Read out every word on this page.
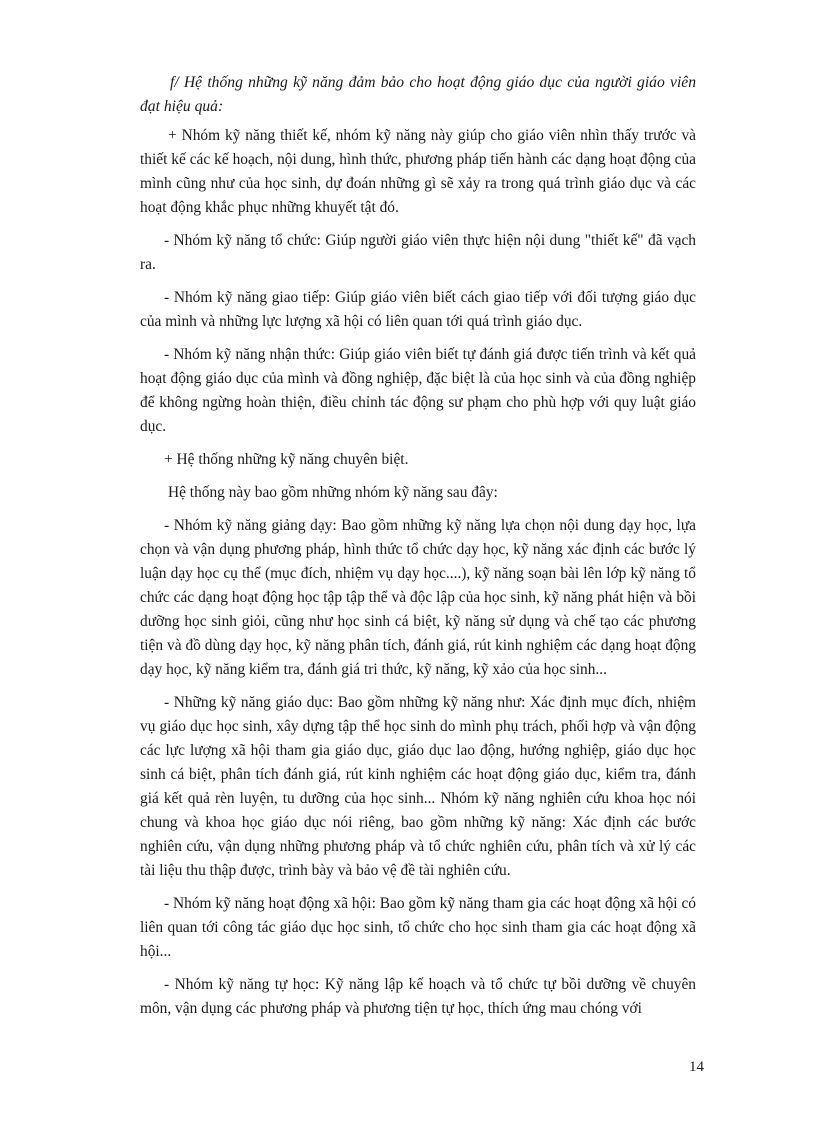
f/ Hệ thống những kỹ năng đảm bảo cho hoạt động giáo dục của người giáo viên đạt hiệu quả:

+ Nhóm kỹ năng thiết kế, nhóm kỹ năng này giúp cho giáo viên nhìn thấy trước và thiết kế các kế hoạch, nội dung, hình thức, phương pháp tiến hành các dạng hoạt động của mình cũng như của học sinh, dự đoán những gì sẽ xảy ra trong quá trình giáo dục và các hoạt động khắc phục những khuyết tật đó.

- Nhóm kỹ năng tổ chức: Giúp người giáo viên thực hiện nội dung "thiết kế" đã vạch ra.

- Nhóm kỹ năng giao tiếp: Giúp giáo viên biết cách giao tiếp với đối tượng giáo dục của mình và những lực lượng xã hội có liên quan tới quá trình giáo dục.

- Nhóm kỹ năng nhận thức: Giúp giáo viên biết tự đánh giá được tiến trình và kết quả hoạt động giáo dục của mình và đồng nghiệp, đặc biệt là của học sinh và của đồng nghiệp để không ngừng hoàn thiện, điều chỉnh tác động sư phạm cho phù hợp với quy luật giáo dục.

+ Hệ thống những kỹ năng chuyên biệt.

Hệ thống này bao gồm những nhóm kỹ năng sau đây:

- Nhóm kỹ năng giảng dạy: Bao gồm những kỹ năng lựa chọn nội dung dạy học, lựa chọn và vận dụng phương pháp, hình thức tổ chức dạy học, kỹ năng xác định các bước lý luận dạy học cụ thể (mục đích, nhiệm vụ dạy học....), kỹ năng soạn bài lên lớp kỹ năng tổ chức các dạng hoạt động học tập tập thể và độc lập của học sinh, kỹ năng phát hiện và bồi dưỡng học sinh giỏi, cũng như học sinh cá biệt, kỹ năng sử dụng và chế tạo các phương tiện và đồ dùng dạy học, kỹ năng phân tích, đánh giá, rút kinh nghiệm các dạng hoạt động dạy học, kỹ năng kiểm tra, đánh giá tri thức, kỹ năng, kỹ xảo của học sinh...

- Những kỹ năng giáo dục: Bao gồm những kỹ năng như: Xác định mục đích, nhiệm vụ giáo dục học sinh, xây dựng tập thể học sinh do mình phụ trách, phối hợp và vận động các lực lượng xã hội tham gia giáo dục, giáo dục lao động, hướng nghiệp, giáo dục học sinh cá biệt, phân tích đánh giá, rút kinh nghiệm các hoạt động giáo dục, kiểm tra, đánh giá kết quả rèn luyện, tu dưỡng của học sinh... Nhóm kỹ năng nghiên cứu khoa học nói chung và khoa học giáo dục nói riêng, bao gồm những kỹ năng: Xác định các bước nghiên cứu, vận dụng những phương pháp và tổ chức nghiên cứu, phân tích và xử lý các tài liệu thu thập được, trình bày và bảo vệ đề tài nghiên cứu.

- Nhóm kỹ năng hoạt động xã hội: Bao gồm kỹ năng tham gia các hoạt động xã hội có liên quan tới công tác giáo dục học sinh, tổ chức cho học sinh tham gia các hoạt động xã hội...

- Nhóm kỹ năng tự học: Kỹ năng lập kế hoạch và tổ chức tự bồi dưỡng về chuyên môn, vận dụng các phương pháp và phương tiện tự học, thích ứng mau chóng với

14
